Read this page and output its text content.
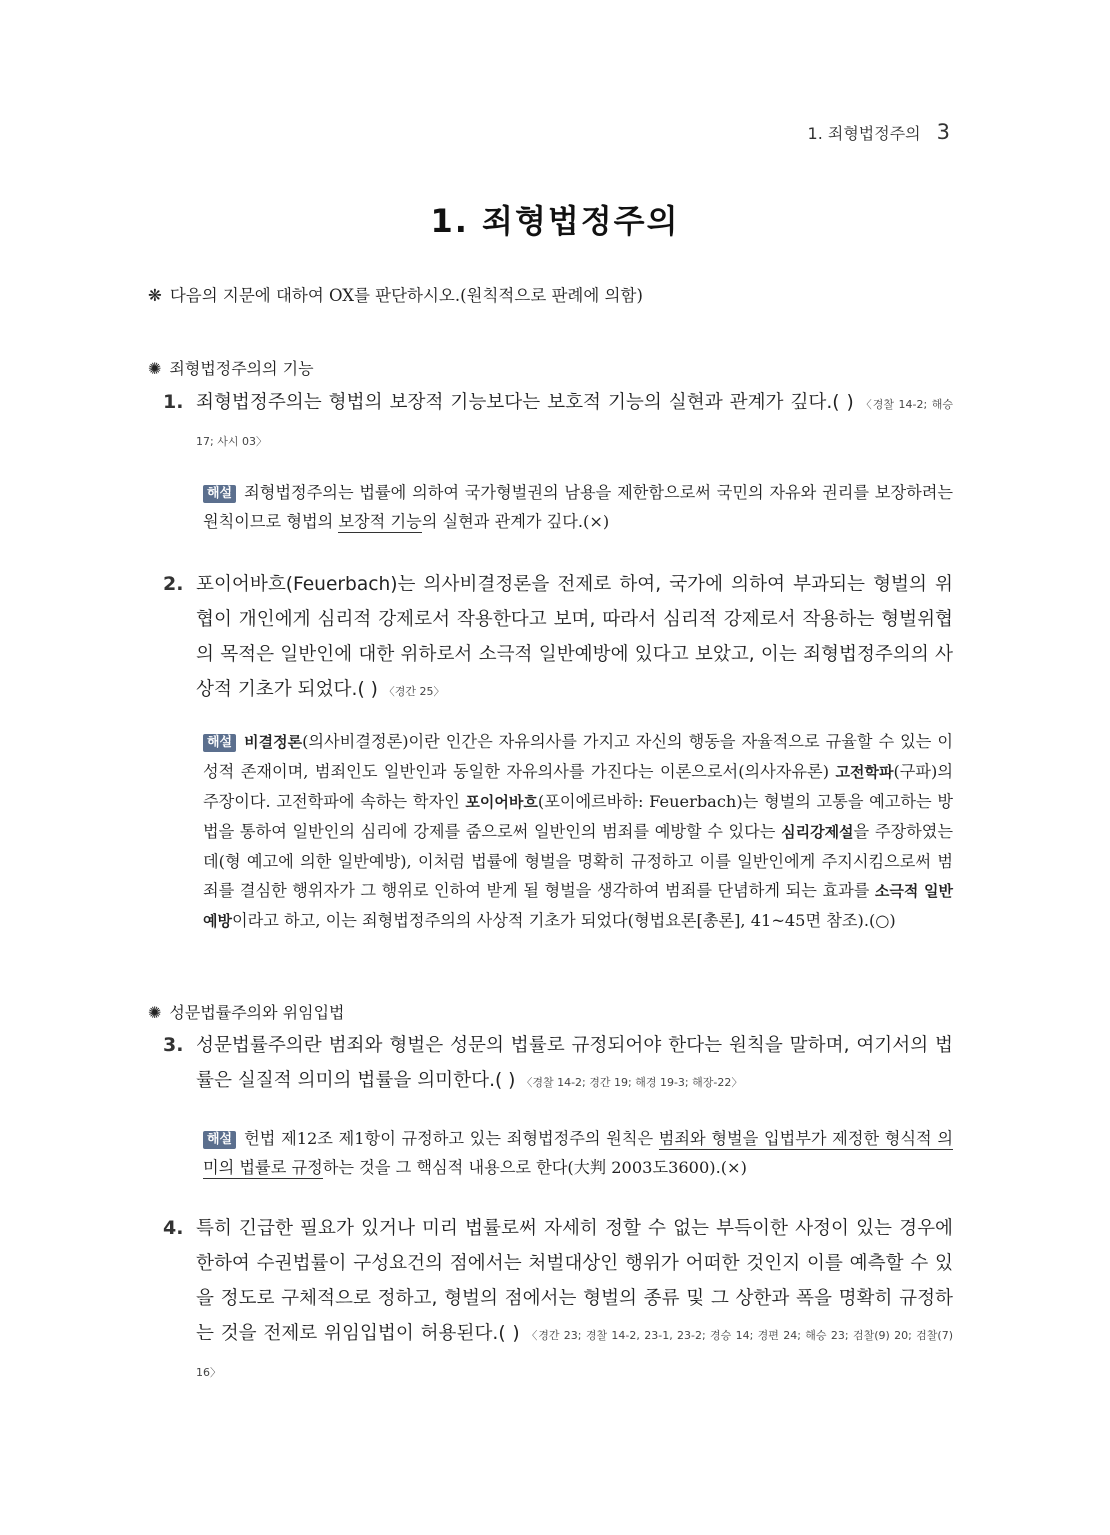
1. 죄형법정주의 3
1. 죄형법정주의
❋ 다음의 지문에 대하여 OX를 판단하시오.(원칙적으로 판례에 의함)
✺ 죄형법정주의의 기능
1. 죄형법정주의는 형법의 보장적 기능보다는 보호적 기능의 실현과 관계가 깊다.( ) 〈경찰 14-2; 해승 17; 사시 03〉
해설 죄형법정주의는 법률에 의하여 국가형벌권의 남용을 제한함으로써 국민의 자유와 권리를 보장하려는 원칙이므로 형법의 보장적 기능의 실현과 관계가 깊다.(×)
2. 포이어바흐(Feuerbach)는 의사비결정론을 전제로 하여, 국가에 의하여 부과되는 형벌의 위협이 개인에게 심리적 강제로서 작용한다고 보며, 따라서 심리적 강제로서 작용하는 형벌위협의 목적은 일반인에 대한 위하로서 소극적 일반예방에 있다고 보았고, 이는 죄형법정주의의 사상적 기초가 되었다.( ) 〈경간 25〉
해설 비결정론(의사비결정론)이란 인간은 자유의사를 가지고 자신의 행동을 자율적으로 규율할 수 있는 이성적 존재이며, 범죄인도 일반인과 동일한 자유의사를 가진다는 이론으로서(의사자유론) 고전학파(구파)의 주장이다. 고전학파에 속하는 학자인 포이어바흐(포이에르바하: Feuerbach)는 형벌의 고통을 예고하는 방법을 통하여 일반인의 심리에 강제를 줌으로써 일반인의 범죄를 예방할 수 있다는 심리강제설을 주장하였는데(형 예고에 의한 일반예방), 이처럼 법률에 형벌을 명확히 규정하고 이를 일반인에게 주지시킴으로써 범죄를 결심한 행위자가 그 행위로 인하여 받게 될 형벌을 생각하여 범죄를 단념하게 되는 효과를 소극적 일반예방이라고 하고, 이는 죄형법정주의의 사상적 기초가 되었다(형법요론[총론], 41~45면 참조).(○)
✺ 성문법률주의와 위임입법
3. 성문법률주의란 범죄와 형벌은 성문의 법률로 규정되어야 한다는 원칙을 말하며, 여기서의 법률은 실질적 의미의 법률을 의미한다.( ) 〈경찰 14-2; 경간 19; 해경 19-3; 해장-22〉
해설 헌법 제12조 제1항이 규정하고 있는 죄형법정주의 원칙은 범죄와 형벌을 입법부가 제정한 형식적 의미의 법률로 규정하는 것을 그 핵심적 내용으로 한다(大判 2003도3600).(×)
4. 특히 긴급한 필요가 있거나 미리 법률로써 자세히 정할 수 없는 부득이한 사정이 있는 경우에 한하여 수권법률이 구성요건의 점에서는 처벌대상인 행위가 어떠한 것인지 이를 예측할 수 있을 정도로 구체적으로 정하고, 형벌의 점에서는 형벌의 종류 및 그 상한과 폭을 명확히 규정하는 것을 전제로 위임입법이 허용된다.( ) 〈경간 23; 경찰 14-2, 23-1, 23-2; 경승 14; 경편 24; 해승 23; 검찰(9) 20; 검찰(7) 16〉
